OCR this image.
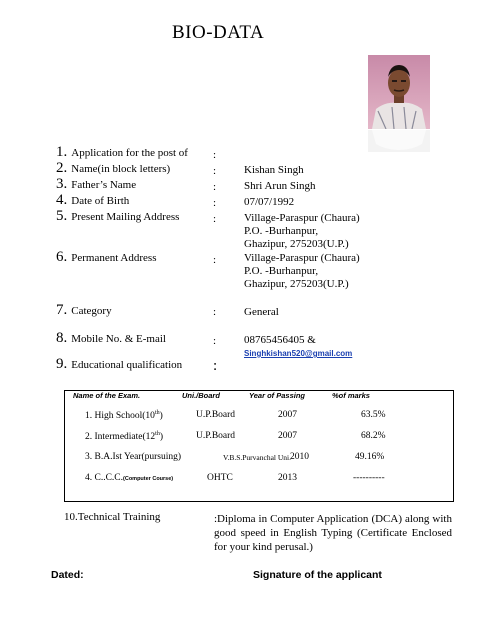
BIO-DATA
1. Application for the post of :
2. Name(in block letters)	:	Kishan Singh
3. Father’s Name	:	Shri Arun Singh
4. Date of Birth	:	07/07/1992
5. Present Mailing Address	:	Village-Paraspur (Chaura)
P.O. -Burhanpur,
Ghazipur, 275203(U.P.)
6. Permanent Address	:	Village-Paraspur (Chaura)
P.O. -Burhanpur,
Ghazipur, 275203(U.P.)
7. Category	:	General
8. Mobile No. & E-mail	:	08765456405 &
Singhkishan520@gmail.com
9. Educational qualification :
Name of the Exam.	Uni./Board	Year of Passing	%of marks
1. High School(10th)	U.P.Board	2007	63.5%
2. Intermediate(12th)	U.P.Board	2007	68.2%
3. B.A.Ist Year(pursuing)	V.B.S.Purvanchal Uni. 2010	49.16%
4. C..C.C.(Computer Course)	OHTC	2013	----------
10.Technical Training	:Diploma in Computer Application (DCA) along with good speed in English Typing (Certificate Enclosed for your kind perusal.)
Dated:	Signature of the applicant
